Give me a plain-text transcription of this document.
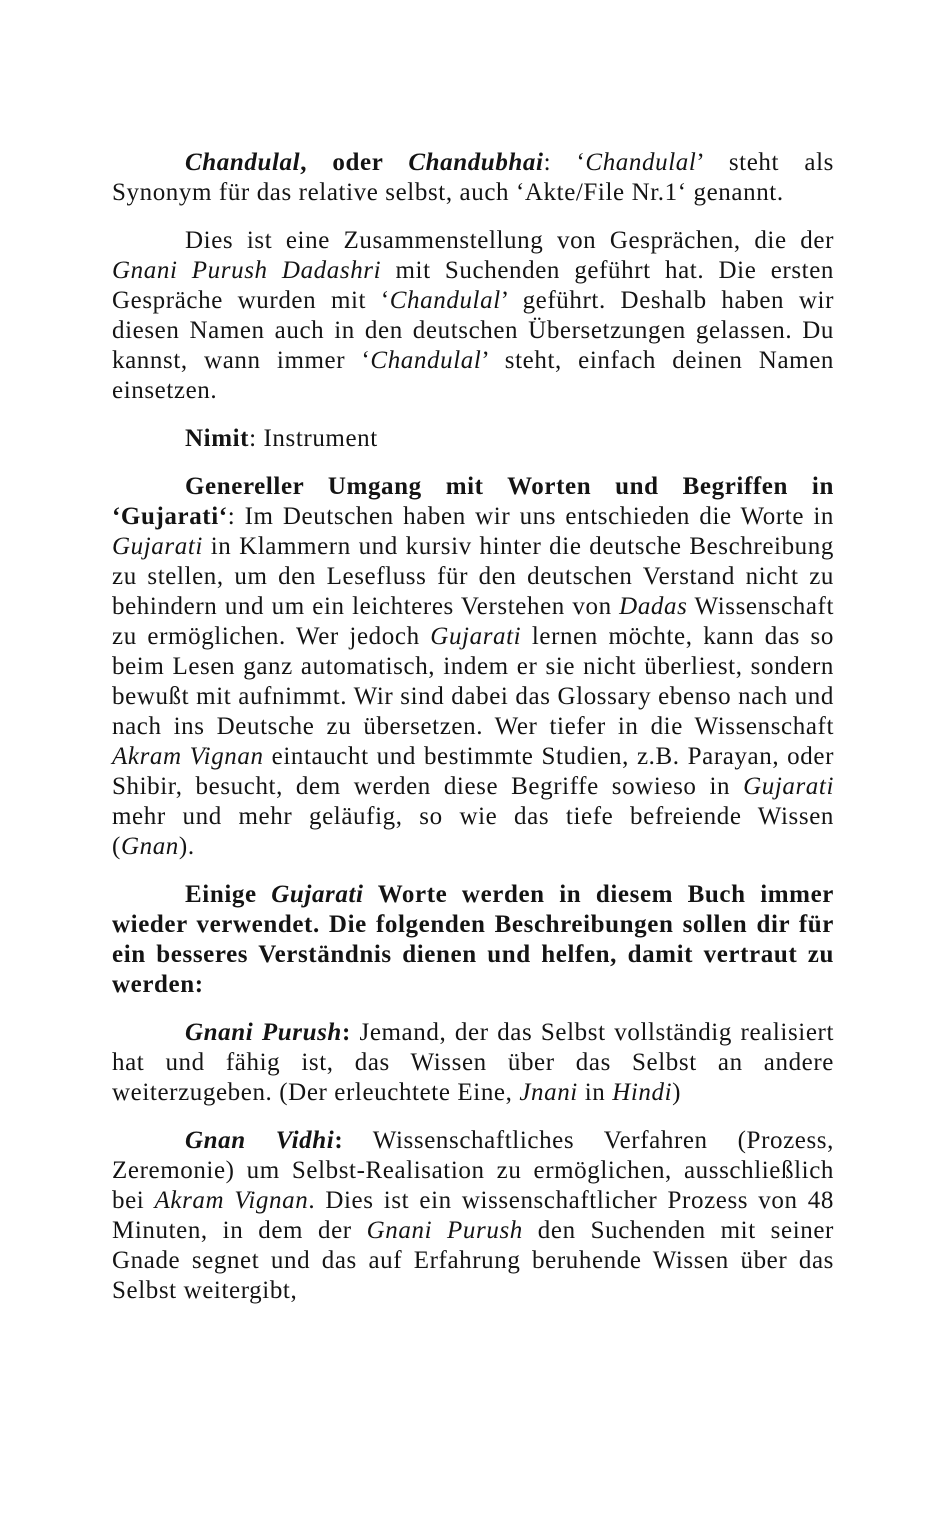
Chandulal, oder Chandubhai: ‘Chandulal’ steht als Synonym für das relative selbst, auch ‘Akte/File Nr.1‘ genannt.

Dies ist eine Zusammenstellung von Gesprächen, die der Gnani Purush Dadashri mit Suchenden geführt hat. Die ersten Gespräche wurden mit ‘Chandulal’ geführt. Deshalb haben wir diesen Namen auch in den deutschen Übersetzungen gelassen. Du kannst, wann immer ‘Chandulal’ steht, einfach deinen Namen einsetzen.

Nimit: Instrument

Genereller Umgang mit Worten und Begriffen in ‘Gujarati‘: Im Deutschen haben wir uns entschieden die Worte in Gujarati in Klammern und kursiv hinter die deutsche Beschreibung zu stellen, um den Lesefluss für den deutschen Verstand nicht zu behindern und um ein leichteres Verstehen von Dadas Wissenschaft zu ermöglichen. Wer jedoch Gujarati lernen möchte, kann das so beim Lesen ganz automatisch, indem er sie nicht überliest, sondern bewußt mit aufnimmt. Wir sind dabei das Glossary ebenso nach und nach ins Deutsche zu übersetzen. Wer tiefer in die Wissenschaft Akram Vignan eintaucht und bestimmte Studien, z.B. Parayan, oder Shibir, besucht, dem werden diese Begriffe sowieso in Gujarati mehr und mehr geläufig, so wie das tiefe befreiende Wissen (Gnan).

Einige Gujarati Worte werden in diesem Buch immer wieder verwendet. Die folgenden Beschreibungen sollen dir für ein besseres Verständnis dienen und helfen, damit vertraut zu werden:

Gnani Purush: Jemand, der das Selbst vollständig realisiert hat und fähig ist, das Wissen über das Selbst an andere weiterzugeben. (Der erleuchtete Eine, Jnani in Hindi)

Gnan Vidhi: Wissenschaftliches Verfahren (Prozess, Zeremonie) um Selbst-Realisation zu ermöglichen, ausschließlich bei Akram Vignan. Dies ist ein wissenschaftlicher Prozess von 48 Minuten, in dem der Gnani Purush den Suchenden mit seiner Gnade segnet und das auf Erfahrung beruhende Wissen über das Selbst weitergibt,
